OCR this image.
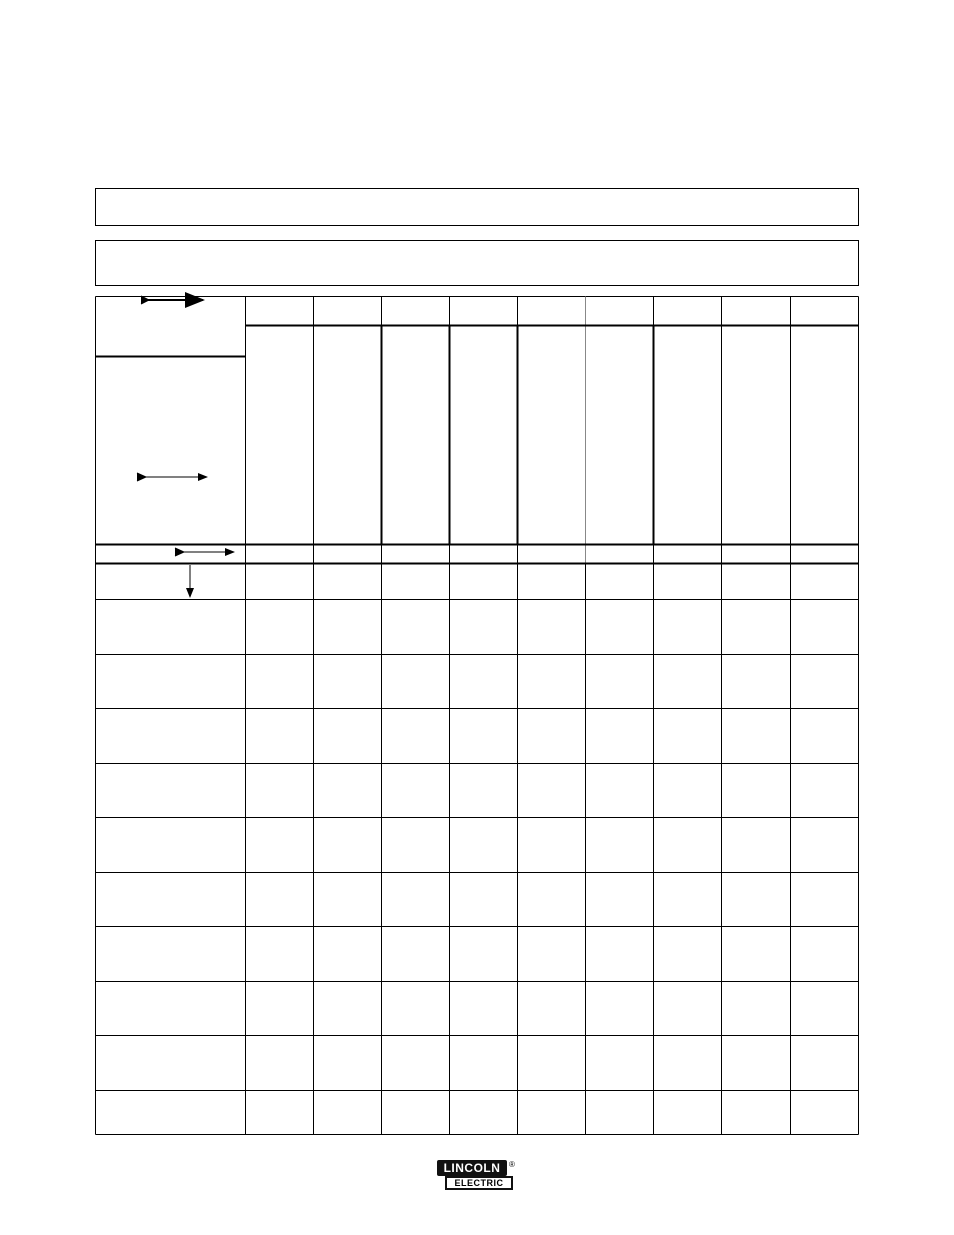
LINCOLN	®
ELECTRIC
